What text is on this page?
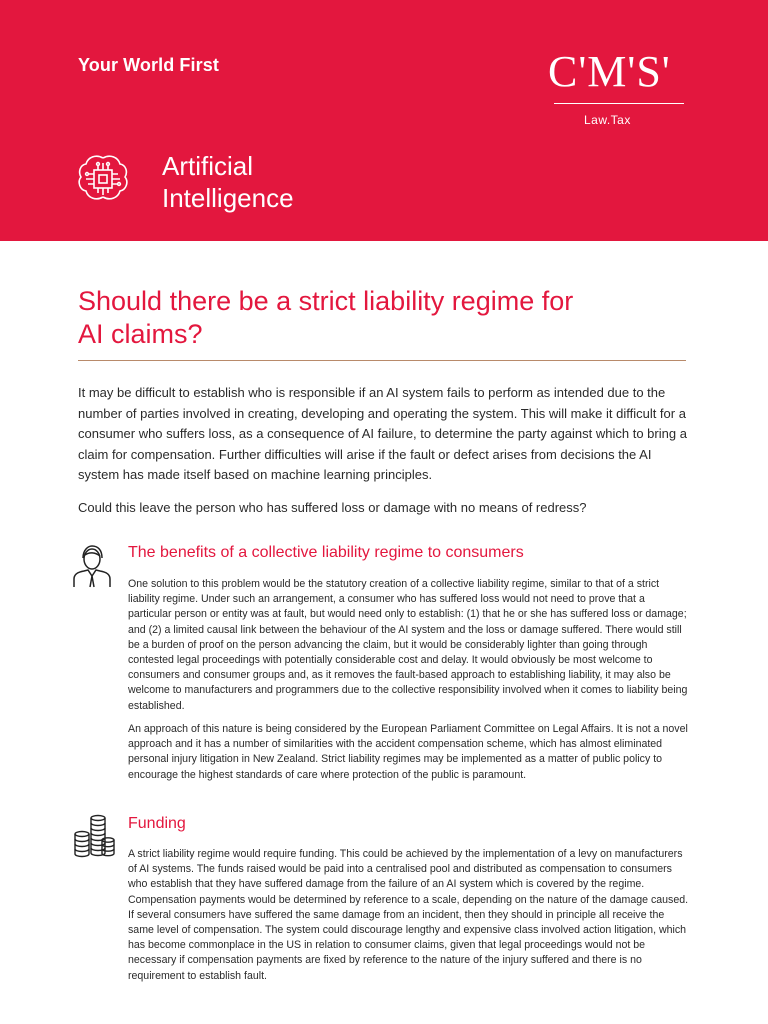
Your World First	C'M'S'
Law.Tax
Artificial
Intelligence
Should there be a strict liability regime for
AI claims?

It may be difficult to establish who is responsible if an AI system fails to perform as intended due to the number of parties involved in creating, developing and operating the system. This will make it difficult for a consumer who suffers loss, as a consequence of AI failure, to determine the party against which to bring a claim for compensation. Further difficulties will arise if the fault or defect arises from decisions the AI system has made itself based on machine learning principles.

Could this leave the person who has suffered loss or damage with no means of redress?

The benefits of a collective liability regime to consumers

One solution to this problem would be the statutory creation of a collective liability regime, similar to that of a strict liability regime. Under such an arrangement, a consumer who has suffered loss would not need to prove that a particular person or entity was at fault, but would need only to establish: (1) that he or she has suffered loss or damage; and (2) a limited causal link between the behaviour of the AI system and the loss or damage suffered. There would still be a burden of proof on the person advancing the claim, but it would be considerably lighter than going through contested legal proceedings with potentially considerable cost and delay. It would obviously be most welcome to consumers and consumer groups and, as it removes the fault-based approach to establishing liability, it may also be welcome to manufacturers and programmers due to the collective responsibility involved when it comes to liability being established.

An approach of this nature is being considered by the European Parliament Committee on Legal Affairs. It is not a novel approach and it has a number of similarities with the accident compensation scheme, which has almost eliminated personal injury litigation in New Zealand. Strict liability regimes may be implemented as a matter of public policy to encourage the highest standards of care where protection of the public is paramount.

Funding

A strict liability regime would require funding. This could be achieved by the implementation of a levy on manufacturers of AI systems. The funds raised would be paid into a centralised pool and distributed as compensation to consumers who establish that they have suffered damage from the failure of an AI system which is covered by the regime. Compensation payments would be determined by reference to a scale, depending on the nature of the damage caused. If several consumers have suffered the same damage from an incident, then they should in principle all receive the same level of compensation. The system could discourage lengthy and expensive class involved action litigation, which has become commonplace in the US in relation to consumer claims, given that legal proceedings would not be necessary if compensation payments are fixed by reference to the nature of the injury suffered and there is no requirement to establish fault.
